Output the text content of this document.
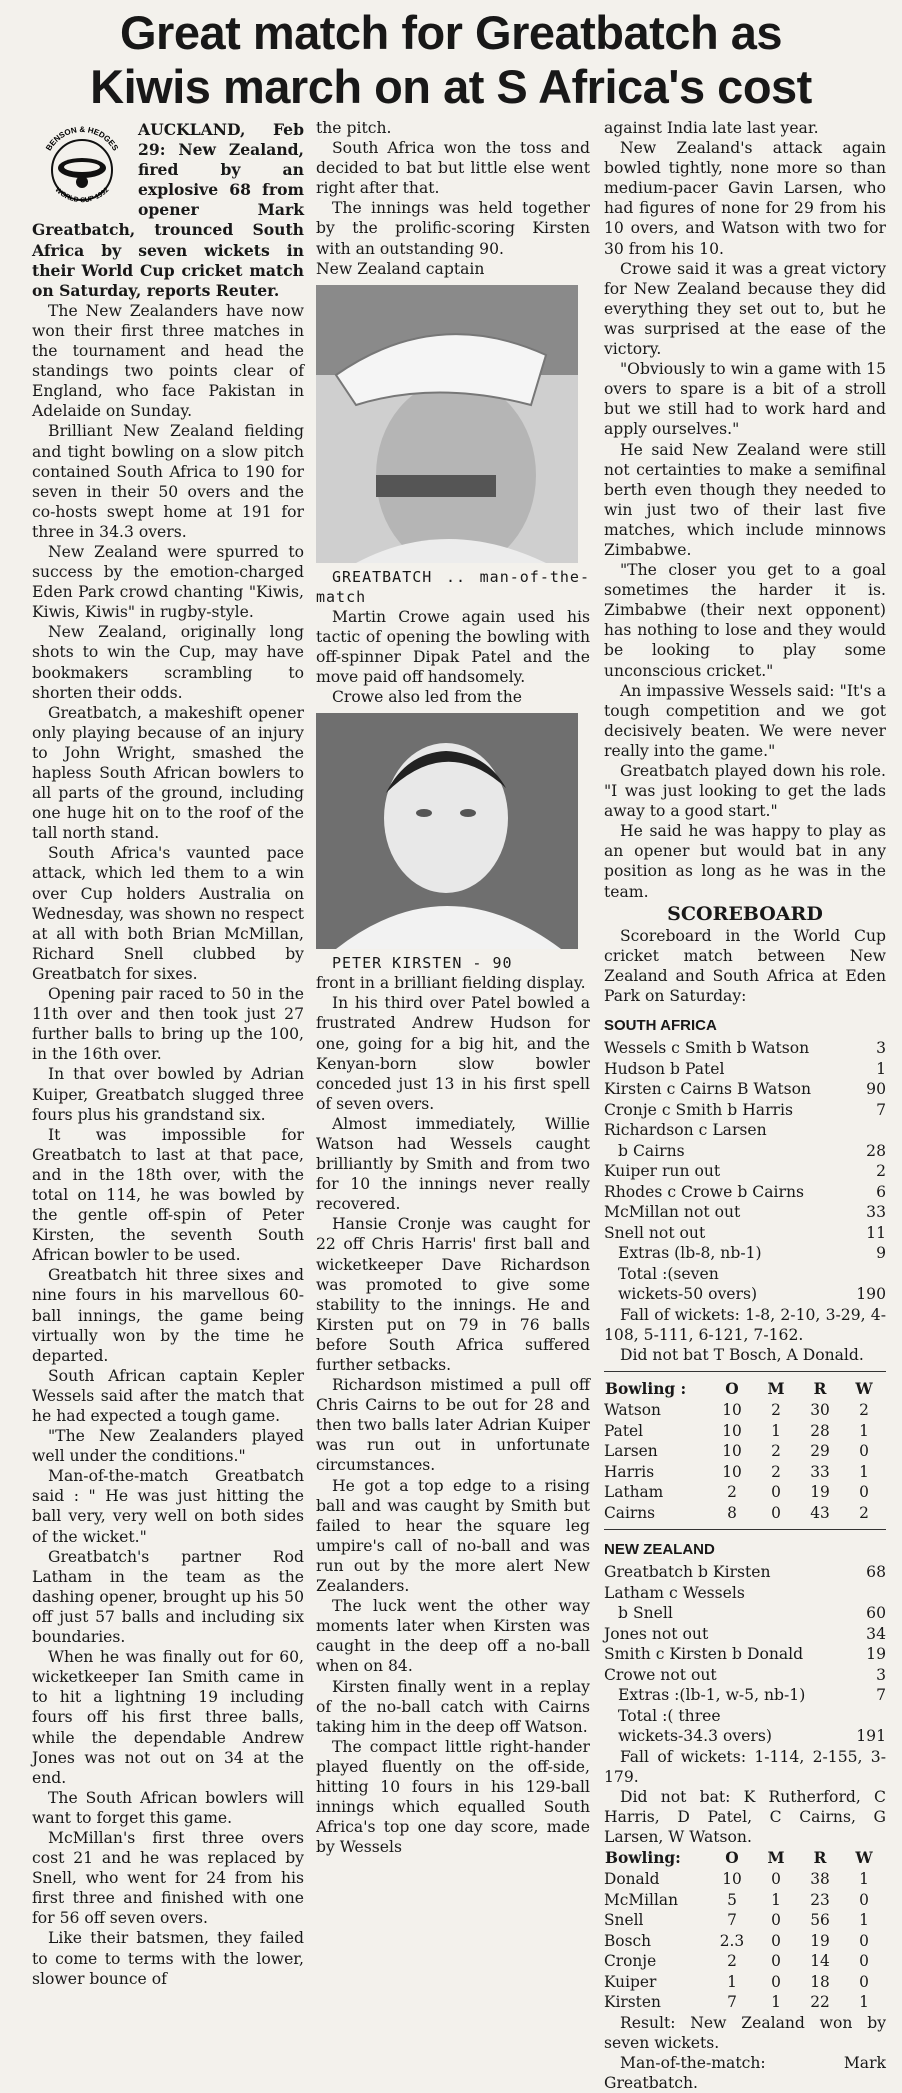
Great match for Greatbatch as
Kiwis march on at S Africa's cost
BENSON & HEDGES
WORLD CUP 1992

AUCKLAND, Feb 29: New Zealand, fired by an explosive 68 from opener Mark Greatbatch, trounced South Africa by seven wickets in their World Cup cricket match on Saturday, reports Reuter.

The New Zealanders have now won their first three matches in the tournament and head the standings two points clear of England, who face Pakistan in Adelaide on Sunday.

Brilliant New Zealand fielding and tight bowling on a slow pitch contained South Africa to 190 for seven in their 50 overs and the co-hosts swept home at 191 for three in 34.3 overs.

New Zealand were spurred to success by the emotion-charged Eden Park crowd chanting "Kiwis, Kiwis, Kiwis" in rugby-style.

New Zealand, originally long shots to win the Cup, may have bookmakers scrambling to shorten their odds.

Greatbatch, a makeshift opener only playing because of an injury to John Wright, smashed the hapless South African bowlers to all parts of the ground, including one huge hit on to the roof of the tall north stand.

South Africa's vaunted pace attack, which led them to a win over Cup holders Australia on Wednesday, was shown no respect at all with both Brian McMillan, Richard Snell clubbed by Greatbatch for sixes.

Opening pair raced to 50 in the 11th over and then took just 27 further balls to bring up the 100, in the 16th over.

In that over bowled by Adrian Kuiper, Greatbatch slugged three fours plus his grandstand six.

It was impossible for Greatbatch to last at that pace, and in the 18th over, with the total on 114, he was bowled by the gentle off-spin of Peter Kirsten, the seventh South African bowler to be used.

Greatbatch hit three sixes and nine fours in his marvellous 60- ball innings, the game being virtually won by the time he departed.

South African captain Kepler Wessels said after the match that he had expected a tough game.

"The New Zealanders played well under the conditions."

Man-of-the-match Greatbatch said : " He was just hitting the ball very, very well on both sides of the wicket."

Greatbatch's partner Rod Latham in the team as the dashing opener, brought up his 50 off just 57 balls and including six boundaries.

When he was finally out for 60, wicketkeeper Ian Smith came in to hit a lightning 19 including fours off his first three balls, while the dependable Andrew Jones was not out on 34 at the end.

The South African bowlers will want to forget this game.

McMillan's first three overs cost 21 and he was replaced by Snell, who went for 24 from his first three and finished with one for 56 off seven overs.

Like their batsmen, they failed to come to terms with the lower, slower bounce of

the pitch.

South Africa won the toss and decided to bat but little else went right after that.

The innings was held together by the prolific-scoring Kirsten with an outstanding 90.

New Zealand captain

GREATBATCH .. man-of-the-match

Martin Crowe again used his tactic of opening the bowling with off-spinner Dipak Patel and the move paid off handsomely.

Crowe also led from the

PETER KIRSTEN - 90

front in a brilliant fielding display.

In his third over Patel bowled a frustrated Andrew Hudson for one, going for a big hit, and the Kenyan-born slow bowler conceded just 13 in his first spell of seven overs.

Almost immediately, Willie Watson had Wessels caught brilliantly by Smith and from two for 10 the innings never really recovered.

Hansie Cronje was caught for 22 off Chris Harris' first ball and wicketkeeper Dave Richardson was promoted to give some stability to the innings. He and Kirsten put on 79 in 76 balls before South Africa suffered further setbacks.

Richardson mistimed a pull off Chris Cairns to be out for 28 and then two balls later Adrian Kuiper was run out in unfortunate circumstances.

He got a top edge to a rising ball and was caught by Smith but failed to hear the square leg umpire's call of no-ball and was run out by the more alert New Zealanders.

The luck went the other way moments later when Kirsten was caught in the deep off a no-ball when on 84.

Kirsten finally went in a replay of the no-ball catch with Cairns taking him in the deep off Watson.

The compact little right-hander played fluently on the off-side, hitting 10 fours in his 129-ball innings which equalled South Africa's top one day score, made by Wessels

against India late last year.

New Zealand's attack again bowled tightly, none more so than medium-pacer Gavin Larsen, who had figures of none for 29 from his 10 overs, and Watson with two for 30 from his 10.

Crowe said it was a great victory for New Zealand because they did everything they set out to, but he was surprised at the ease of the victory.

"Obviously to win a game with 15 overs to spare is a bit of a stroll but we still had to work hard and apply ourselves."

He said New Zealand were still not certainties to make a semifinal berth even though they needed to win just two of their last five matches, which include minnows Zimbabwe.

"The closer you get to a goal sometimes the harder it is. Zimbabwe (their next opponent) has nothing to lose and they would be looking to play some unconscious cricket."

An impassive Wessels said: "It's a tough competition and we got decisively beaten. We were never really into the game."

Greatbatch played down his role. "I was just looking to get the lads away to a good start."

He said he was happy to play as an opener but would bat in any position as long as he was in the team.

SCOREBOARD

Scoreboard in the World Cup cricket match between New Zealand and South Africa at Eden Park on Saturday:

SOUTH AFRICA
Wessels c Smith b Watson	3
Hudson b Patel	1
Kirsten c Cairns B Watson	90
Cronje c Smith b Harris	7
Richardson c Larsen
b Cairns	28
Kuiper run out	2
Rhodes c Crowe b Cairns	6
McMillan not out	33
Snell not out	11
Extras (lb-8, nb-1)	9
Total :(seven
wickets-50 overs)	190

Fall of wickets: 1-8, 2-10, 3-29, 4-108, 5-111, 6-121, 7-162.

Did not bat T Bosch, A Donald.

Bowling :	O	M	R	W
Watson	10	2	30	2
Patel	10	1	28	1
Larsen	10	2	29	0
Harris	10	2	33	1
Latham	2	0	19	0
Cairns	8	0	43	2
NEW ZEALAND
Greatbatch b Kirsten	68
Latham c Wessels
b Snell	60
Jones not out	34
Smith c Kirsten b Donald	19
Crowe not out	3
Extras :(lb-1, w-5, nb-1)	7
Total :( three
wickets-34.3 overs)	191

Fall of wickets: 1-114, 2-155, 3-179.

Did not bat: K Rutherford, C Harris, D Patel, C Cairns, G Larsen, W Watson.

Bowling:	O	M	R	W
Donald	10	0	38	1
McMillan	5	1	23	0
Snell	7	0	56	1
Bosch	2.3	0	19	0
Cronje	2	0	14	0
Kuiper	1	0	18	0
Kirsten	7	1	22	1

Result: New Zealand won by seven wickets.

Man-of-the-match: Mark Greatbatch.
